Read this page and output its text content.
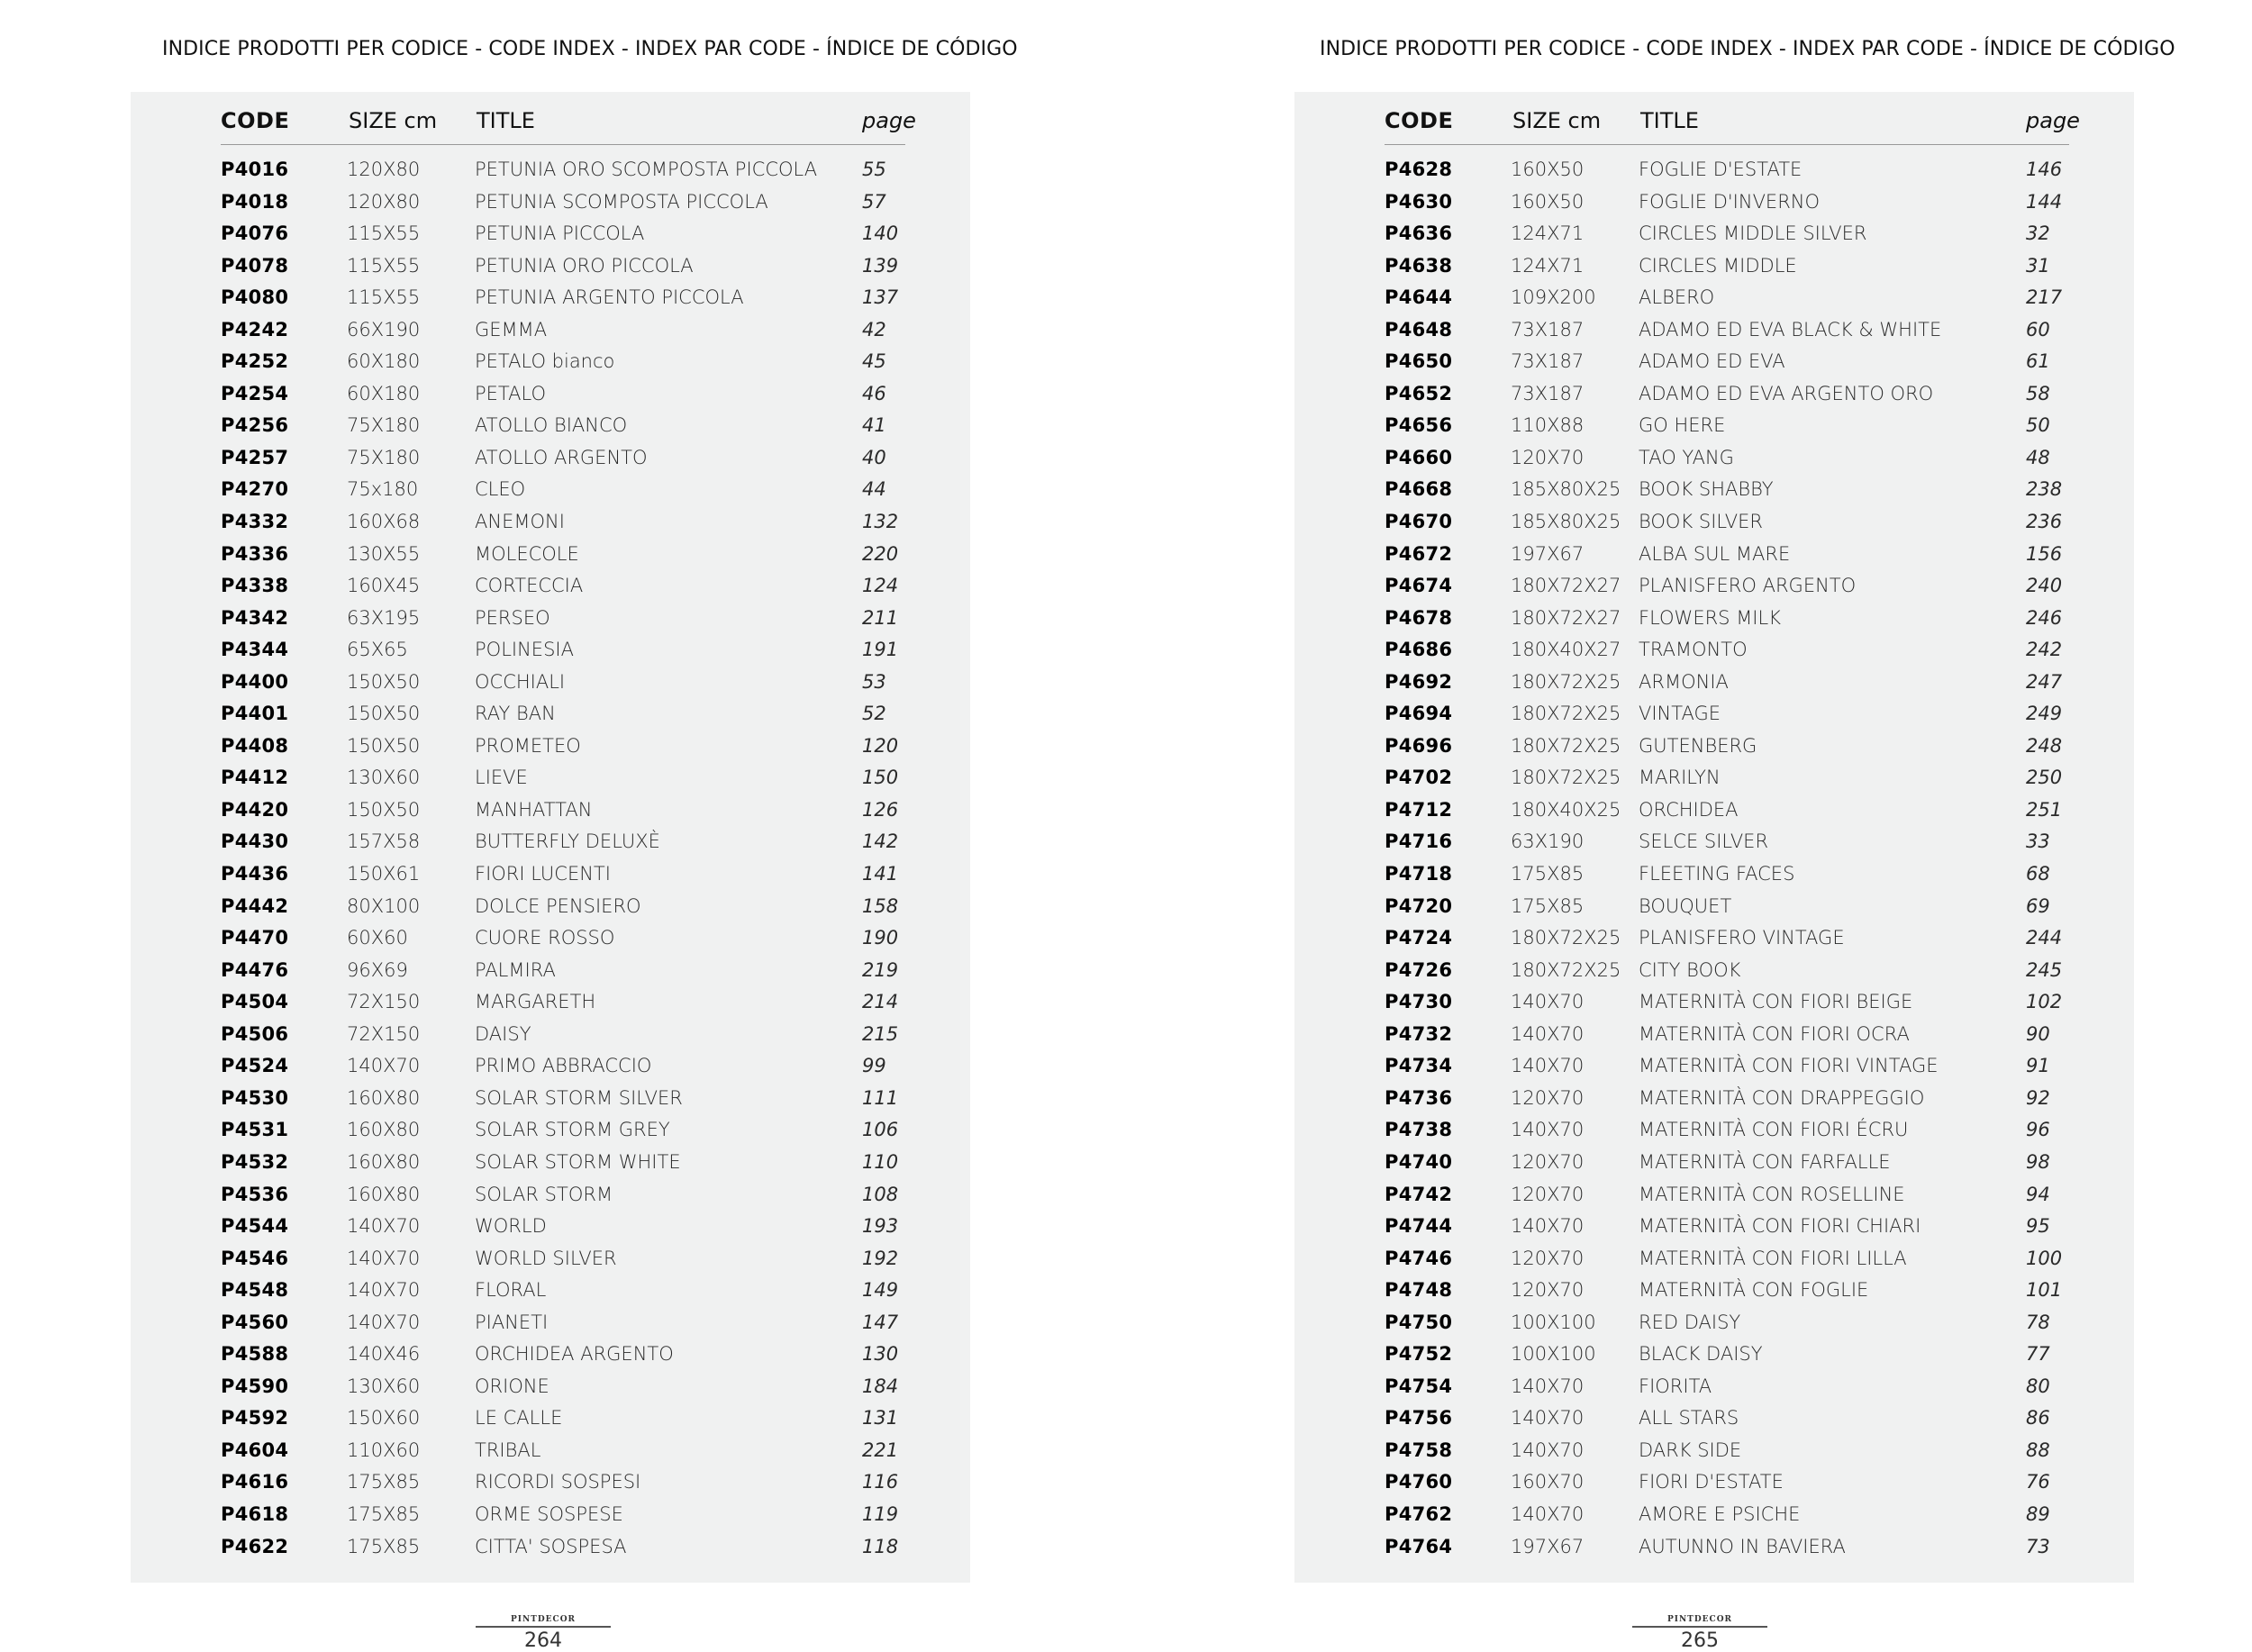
INDICE PRODOTTI PER CODICE - CODE INDEX - INDEX PAR CODE - ÍNDICE DE CÓDIGO
CODE	SIZE cm TITLE	page
P4016	120X80	PETUNIA ORO SCOMPOSTA PICCOLA 55
P4018	120X80	PETUNIA SCOMPOSTA PICCOLA	57
P4076	115X55	PETUNIA PICCOLA	140
P4078	115X55	PETUNIA ORO PICCOLA	139
P4080	115X55	PETUNIA ARGENTO PICCOLA	137
P4242	66X190	GEMMA	42
P4252	60X180	PETALO bianco	45
P4254	60X180	PETALO	46
P4256	75X180	ATOLLO BIANCO	41
P4257	75X180	ATOLLO ARGENTO	40
P4270	75x180	CLEO	44
P4332	160X68	ANEMONI	132
P4336	130X55	MOLECOLE	220
P4338	160X45	CORTECCIA	124
P4342	63X195	PERSEO	211
P4344	65X65	POLINESIA	191
P4400	150X50	OCCHIALI	53
P4401	150X50	RAY BAN	52
P4408	150X50	PROMETEO	120
P4412	130X60	LIEVE	150
P4420	150X50	MANHATTAN	126
P4430	157X58	BUTTERFLY DELUXÈ	142
P4436	150X61	FIORI LUCENTI	141
P4442	80X100	DOLCE PENSIERO	158
P4470	60X60	CUORE ROSSO	190
P4476	96X69	PALMIRA	219
P4504	72X150	MARGARETH	214
P4506	72X150	DAISY	215
P4524	140X70	PRIMO ABBRACCIO	99
P4530	160X80	SOLAR STORM SILVER	111
P4531	160X80	SOLAR STORM GREY	106
P4532	160X80	SOLAR STORM WHITE	110
P4536	160X80	SOLAR STORM	108
P4544	140X70	WORLD	193
P4546	140X70	WORLD SILVER	192
P4548	140X70	FLORAL	149
P4560	140X70	PIANETI	147
P4588	140X46	ORCHIDEA ARGENTO	130
P4590	130X60	ORIONE	184
P4592	150X60	LE CALLE	131
P4604	110X60	TRIBAL	221
P4616	175X85	RICORDI SOSPESI	116
P4618	175X85	ORME SOSPESE	119
P4622	175X85	CITTA' SOSPESA	118
PINTDECOR
264
INDICE PRODOTTI PER CODICE - CODE INDEX - INDEX PAR CODE - ÍNDICE DE CÓDIGO
CODE	SIZE cm TITLE	page
P4628	160X50	FOGLIE D'ESTATE	146
P4630	160X50	FOGLIE D'INVERNO	144
P4636	124X71	CIRCLES MIDDLE SILVER	32
P4638	124X71	CIRCLES MIDDLE	31
P4644	109X200 ALBERO	217
P4648	73X187	ADAMO ED EVA BLACK & WHITE	60
P4650	73X187	ADAMO ED EVA	61
P4652	73X187	ADAMO ED EVA ARGENTO ORO	58
P4656	110X88	GO HERE	50
P4660	120X70	TAO YANG	48
P4668	185X80X25 BOOK SHABBY	238
P4670	185X80X25 BOOK SILVER	236
P4672	197X67	ALBA SUL MARE	156
P4674	180X72X27 PLANISFERO ARGENTO	240
P4678	180X72X27 FLOWERS MILK	246
P4686	180X40X27 TRAMONTO	242
P4692	180X72X25 ARMONIA	247
P4694	180X72X25 VINTAGE	249
P4696	180X72X25 GUTENBERG	248
P4702	180X72X25 MARILYN	250
P4712	180X40X25 ORCHIDEA	251
P4716	63X190	SELCE SILVER	33
P4718	175X85	FLEETING FACES	68
P4720	175X85	BOUQUET	69
P4724	180X72X25 PLANISFERO VINTAGE	244
P4726	180X72X25 CITY BOOK	245
P4730	140X70	MATERNITÀ CON FIORI BEIGE	102
P4732	140X70	MATERNITÀ CON FIORI OCRA	90
P4734	140X70	MATERNITÀ CON FIORI VINTAGE	91
P4736	120X70	MATERNITÀ CON DRAPPEGGIO	92
P4738	140X70	MATERNITÀ CON FIORI ÉCRU	96
P4740	120X70	MATERNITÀ CON FARFALLE	98
P4742	120X70	MATERNITÀ CON ROSELLINE	94
P4744	140X70	MATERNITÀ CON FIORI CHIARI	95
P4746	120X70	MATERNITÀ CON FIORI LILLA	100
P4748	120X70	MATERNITÀ CON FOGLIE	101
P4750	100X100 RED DAISY	78
P4752	100X100 BLACK DAISY	77
P4754	140X70	FIORITA	80
P4756	140X70	ALL STARS	86
P4758	140X70	DARK SIDE	88
P4760	160X70	FIORI D'ESTATE	76
P4762	140X70	AMORE E PSICHE	89
P4764	197X67	AUTUNNO IN BAVIERA	73
PINTDECOR
265
